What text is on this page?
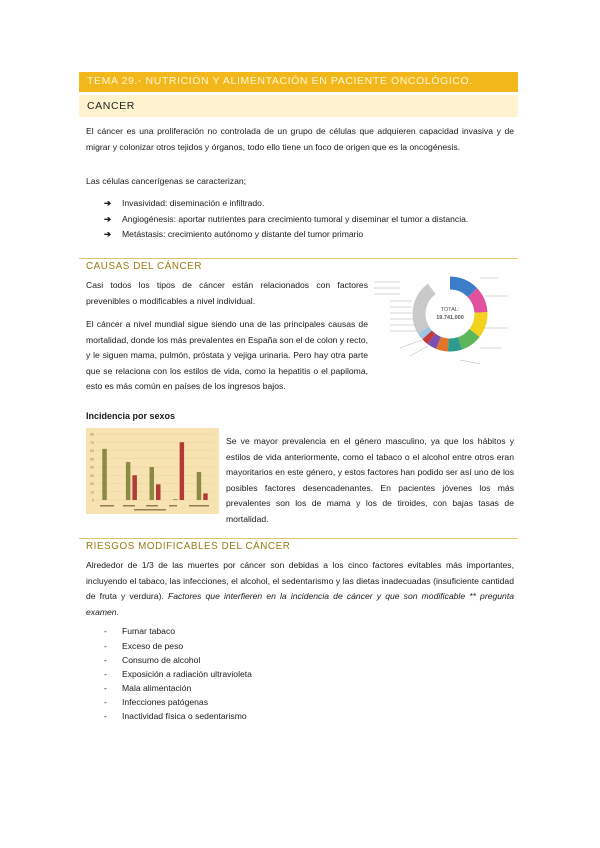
TEMA 29.- NUTRICIÓN Y ALIMENTACIÓN EN PACIENTE ONCOLÓGICO.
CANCER
El cáncer es una proliferación no controlada de un grupo de células que adquieren capacidad invasiva y de migrar y colonizar otros tejidos y órganos, todo ello tiene un foco de origen que es la oncogénesis.
Las células cancerígenas se caracterizan;
➔ Invasividad: diseminación e infiltrado.
➔ Angiogénesis: aportar nutrientes para crecimiento tumoral y diseminar el tumor a distancia.
➔ Metástasis: crecimiento autónomo y distante del tumor primario
CAUSAS DEL CÁNCER
Casi todos los tipos de cáncer están relacionados con factores prevenibles o modificables a nivel individual.
El cáncer a nivel mundial sigue siendo una de las principales causas de mortalidad, donde los más prevalentes en España son el de colon y recto, y le siguen mama, pulmón, próstata y vejiga urinaria. Pero hay otra parte que se relaciona con los estilos de vida, como la hepatitis o el papiloma, esto es más común en países de los ingresos bajos.
TOTAL:
19.741.000
Incidencia por sexos
0
10
20
30
40
50
60
70
80
Se ve mayor prevalencia en el género masculino, ya que los hábitos y estilos de vida anteriormente, como el tabaco o el alcohol entre otros eran mayoritarios en este género, y estos factores han podido ser así uno de los posibles factores desencadenantes. En pacientes jóvenes los más prevalentes son los de mama y los de tiroides, con bajas tasas de mortalidad.
RIESGOS MODIFICABLES DEL CÁNCER
Alrededor de 1/3 de las muertes por cáncer son debidas a los cinco factores evitables más importantes, incluyendo el tabaco, las infecciones, el alcohol, el sedentarismo y las dietas inadecuadas (insuficiente cantidad de fruta y verdura). Factores que interfieren en la incidencia de cáncer y que son modificable ** pregunta examen.
- Fumar tabaco
- Exceso de peso
- Consumo de alcohol
- Exposición a radiación ultravioleta
- Mala alimentación
- Infecciones patógenas
- Inactividad física o sedentarismo
